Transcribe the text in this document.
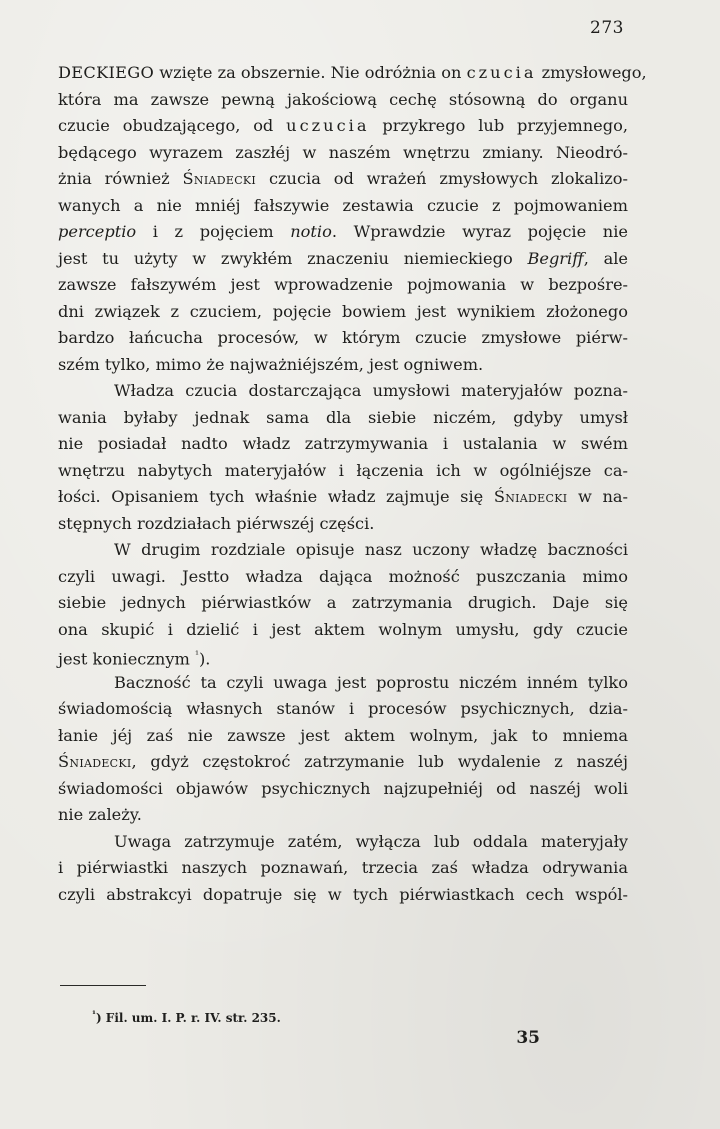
273
DECKIEGO wzięte za obszernie. Nie odróżnia on czucia zmysłowego,
która ma zawsze pewną jakościową cechę stósowną do organu
czucie obudzającego, od uczucia przykrego lub przyjemnego,
będącego wyrazem zaszłéj w naszém wnętrzu zmiany. Nieodró-
żnia również Śniadecki czucia od wrażeń zmysłowych zlokalizo-
wanych a nie mniéj fałszywie zestawia czucie z pojmowaniem
perceptio i z pojęciem notio. Wprawdzie wyraz pojęcie nie
jest tu użyty w zwykłém znaczeniu niemieckiego Begriff, ale
zawsze fałszywém jest wprowadzenie pojmowania w bezpośre-
dni związek z czuciem, pojęcie bowiem jest wynikiem złożonego
bardzo łańcucha procesów, w którym czucie zmysłowe piérw-
szém tylko, mimo że najważniéjszém, jest ogniwem.
Władza czucia dostarczająca umysłowi materyjałów pozna-
wania byłaby jednak sama dla siebie niczém, gdyby umysł
nie posiadał nadto władz zatrzymywania i ustalania w swém
wnętrzu nabytych materyjałów i łączenia ich w ogólniéjsze ca-
łości. Opisaniem tych właśnie władz zajmuje się Śniadecki w na-
stępnych rozdziałach piérwszéj części.
W drugim rozdziale opisuje nasz uczony władzę baczności
czyli uwagi. Jestto władza dająca możność puszczania mimo
siebie jednych piérwiastków a zatrzymania drugich. Daje się
ona skupić i dzielić i jest aktem wolnym umysłu, gdy czucie
jest koniecznym $^{^1}$).
Baczność ta czyli uwaga jest poprostu niczém inném tylko
świadomością własnych stanów i procesów psychicznych, dzia-
łanie jéj zaś nie zawsze jest aktem wolnym, jak to mniema
Śniadecki, gdyż częstokroć zatrzymanie lub wydalenie z naszéj
świadomości objawów psychicznych najzupełniéj od naszéj woli
nie zależy.
Uwaga zatrzymuje zatém, wyłącza lub oddala materyjały
i piérwiastki naszych poznawań, trzecia zaś władza odrywania
czyli abstrakcyi dopatruje się w tych piérwiastkach cech wspól-
$^{^1}$) Fil. um. I. P. r. IV. str. 235.
35
